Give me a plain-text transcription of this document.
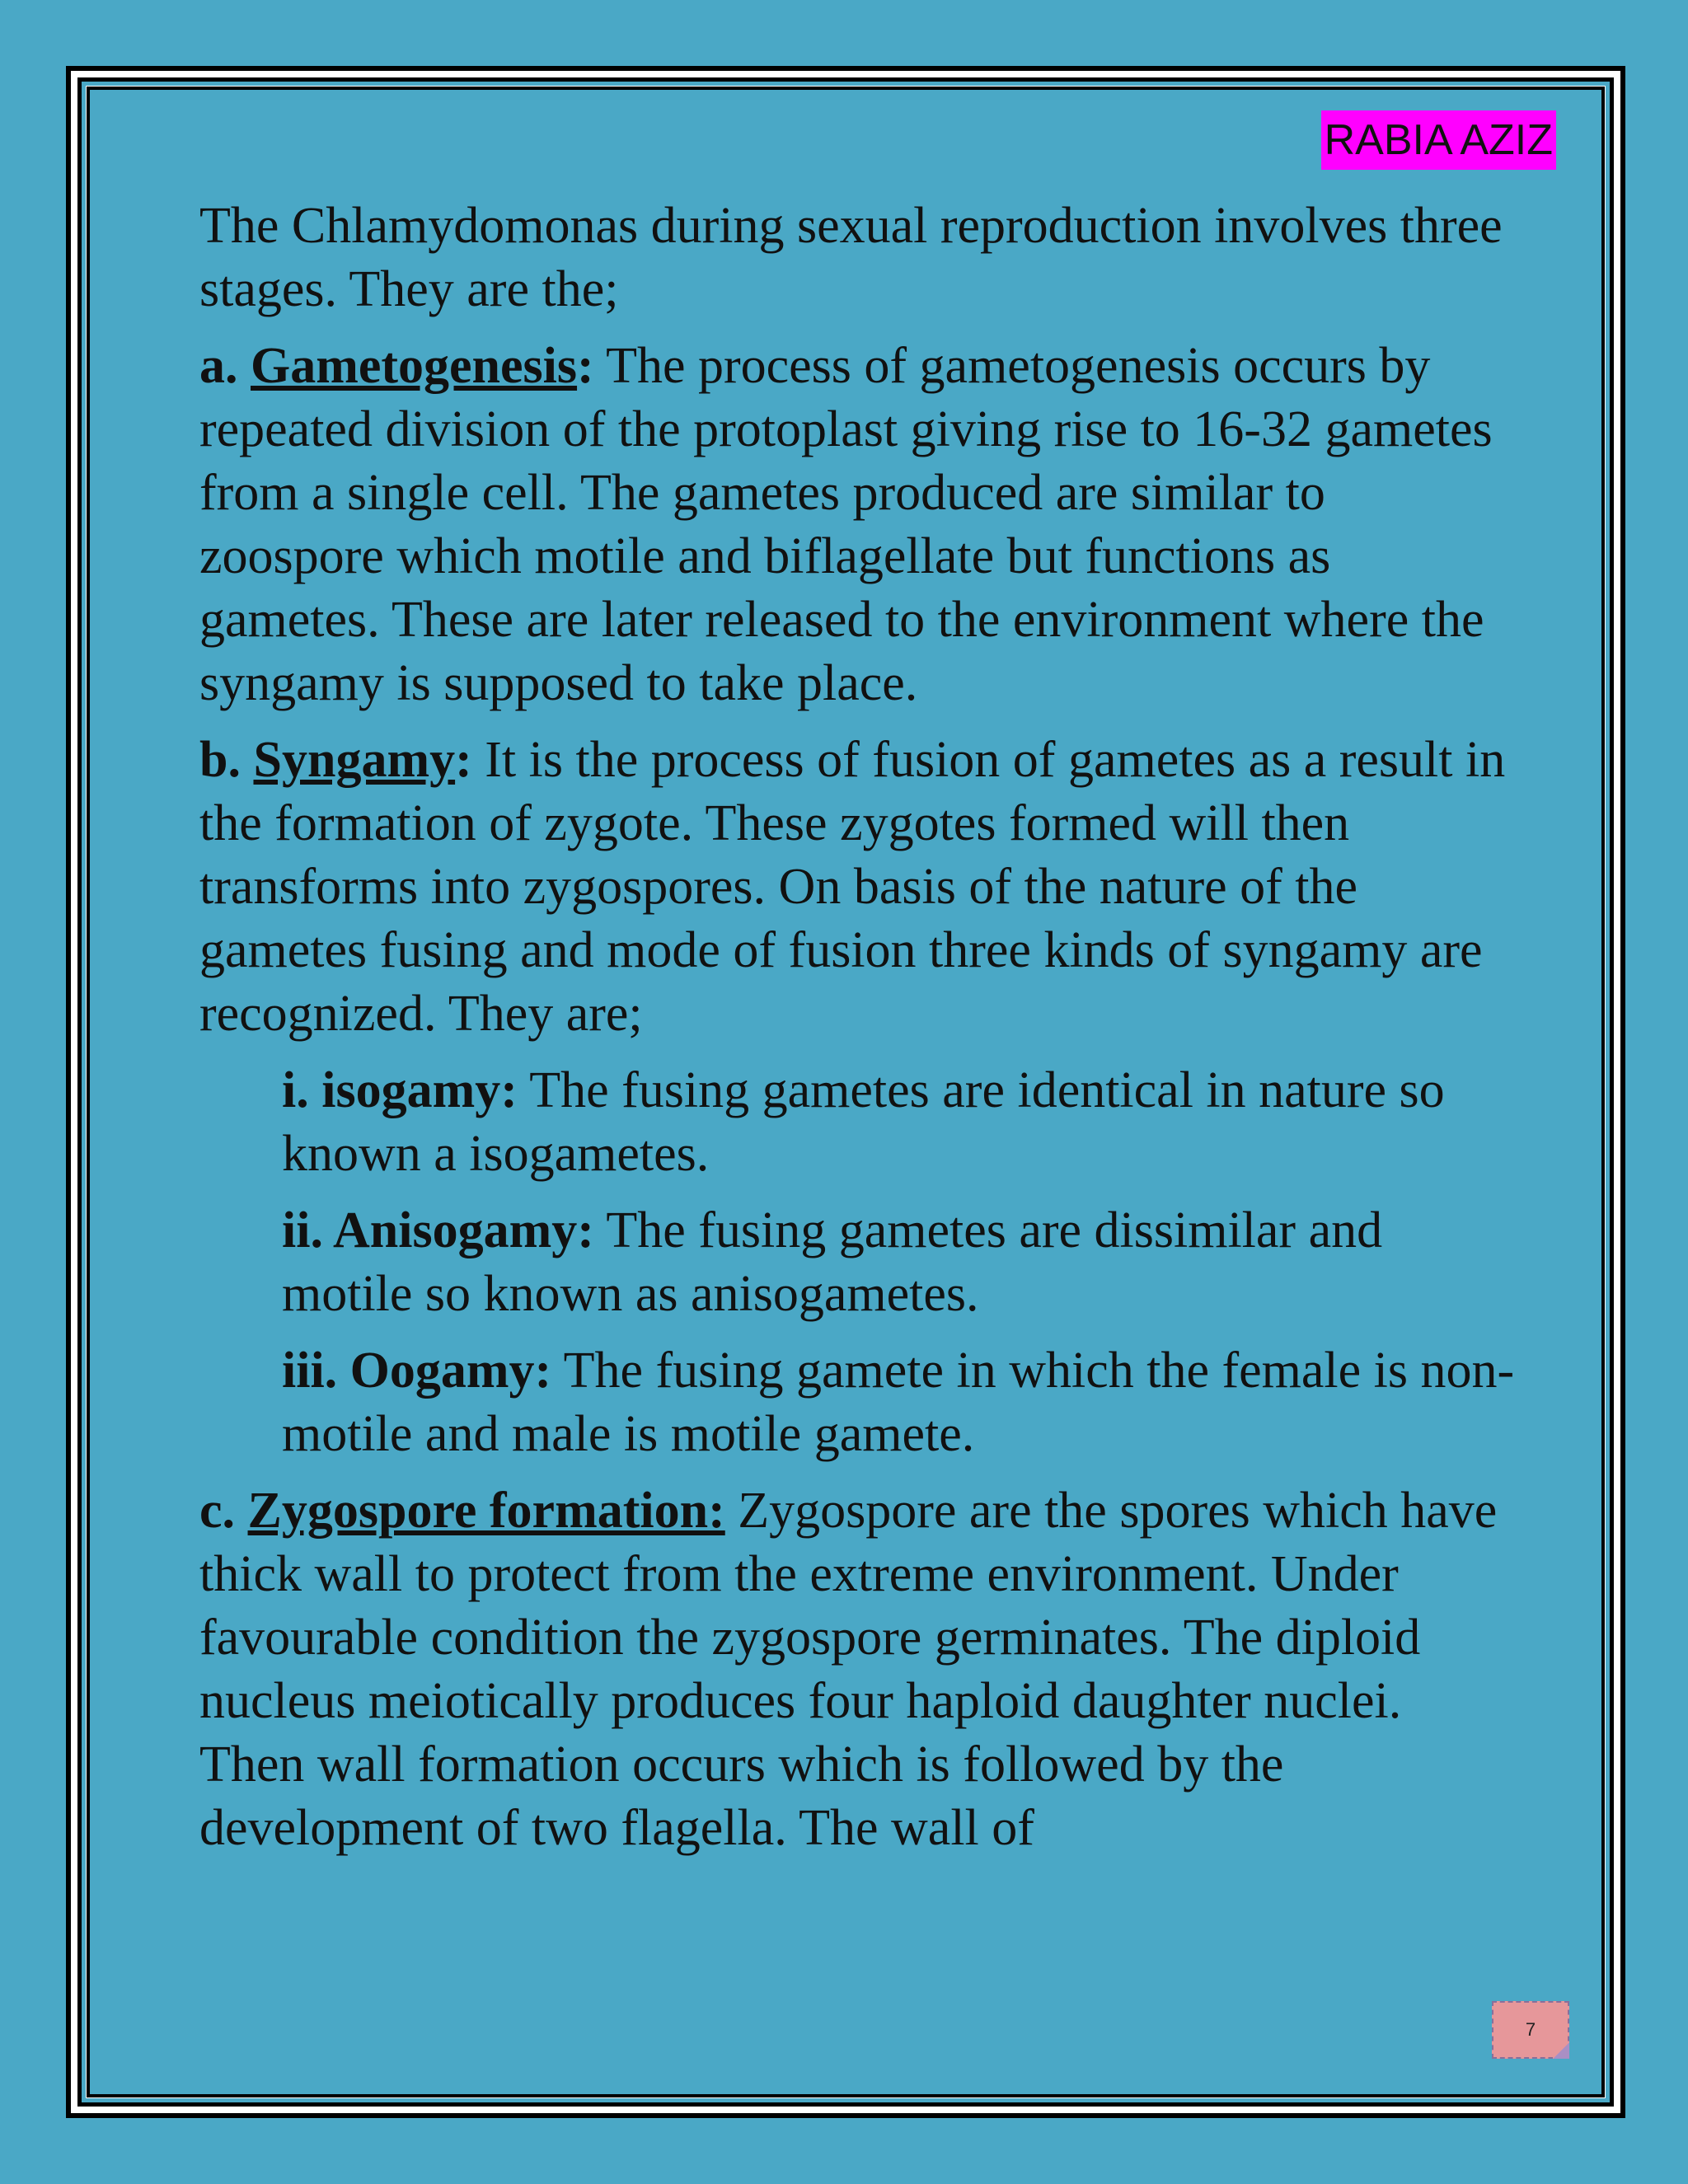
RABIA AZIZ

The Chlamydomonas during sexual reproduction involves three stages. They are the;

a. Gametogenesis: The process of gametogenesis occurs by repeated division of the protoplast giving rise to 16-32 gametes from a single cell. The gametes produced are similar to zoospore which motile and biflagellate but functions as gametes. These are later released to the environment where the syngamy is supposed to take place.

b. Syngamy: It is the process of fusion of gametes as a result in the formation of zygote. These zygotes formed will then transforms into zygospores. On basis of the nature of the gametes fusing and mode of fusion three kinds of syngamy are recognized. They are;

i. isogamy: The fusing gametes are identical in nature so known a isogametes.

ii. Anisogamy: The fusing gametes are dissimilar and motile so known as anisogametes.

iii. Oogamy: The fusing gamete in which the female is non-motile and male is motile gamete.

c. Zygospore formation: Zygospore are the spores which have thick wall to protect from the extreme environment. Under favourable condition the zygospore germinates. The diploid nucleus meiotically produces four haploid daughter nuclei. Then wall formation occurs which is followed by the development of two flagella. The wall of

7
